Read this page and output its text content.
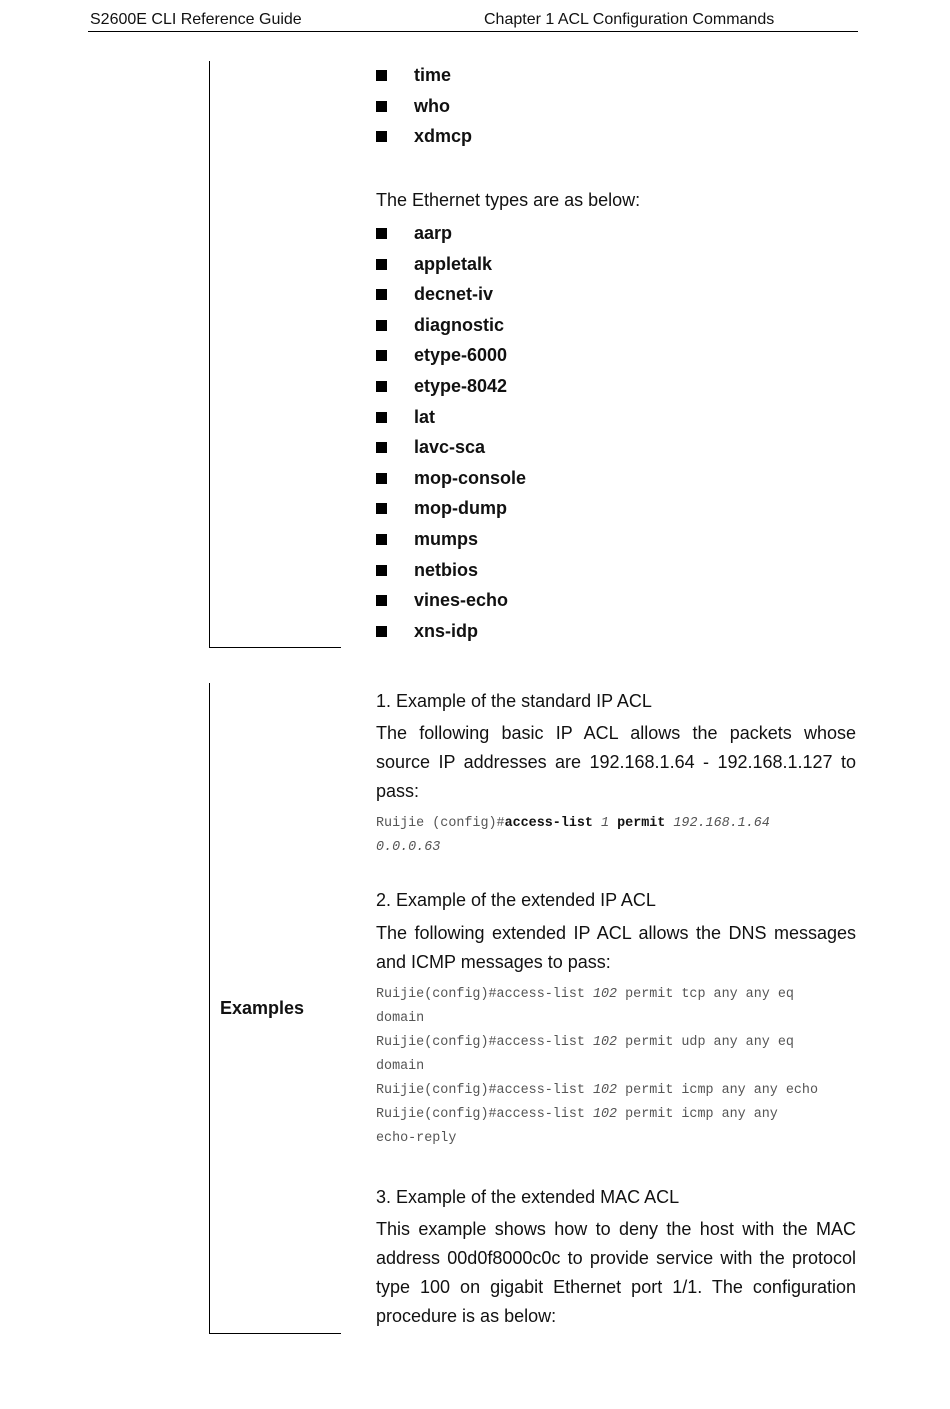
S2600E CLI Reference Guide	Chapter 1 ACL Configuration Commands
time
who
xdmcp
The Ethernet types are as below:
aarp
appletalk
decnet-iv
diagnostic
etype-6000
etype-8042
lat
lavc-sca
mop-console
mop-dump
mumps
netbios
vines-echo
xns-idp
Examples
1. Example of the standard IP ACL
The following basic IP ACL allows the packets whose source IP addresses are 192.168.1.64 - 192.168.1.127 to pass:
Ruijie (config)#access-list 1 permit 192.168.1.64
0.0.0.63
2. Example of the extended IP ACL
The following extended IP ACL allows the DNS messages and ICMP messages to pass:
Ruijie(config)#access-list 102 permit tcp any any eq
domain
Ruijie(config)#access-list 102 permit udp any any eq
domain
Ruijie(config)#access-list 102 permit icmp any any echo
Ruijie(config)#access-list 102 permit icmp any any
echo-reply
3. Example of the extended MAC ACL
This example shows how to deny the host with the MAC address 00d0f8000c0c to provide service with the protocol type 100 on gigabit Ethernet port 1/1. The configuration procedure is as below:
